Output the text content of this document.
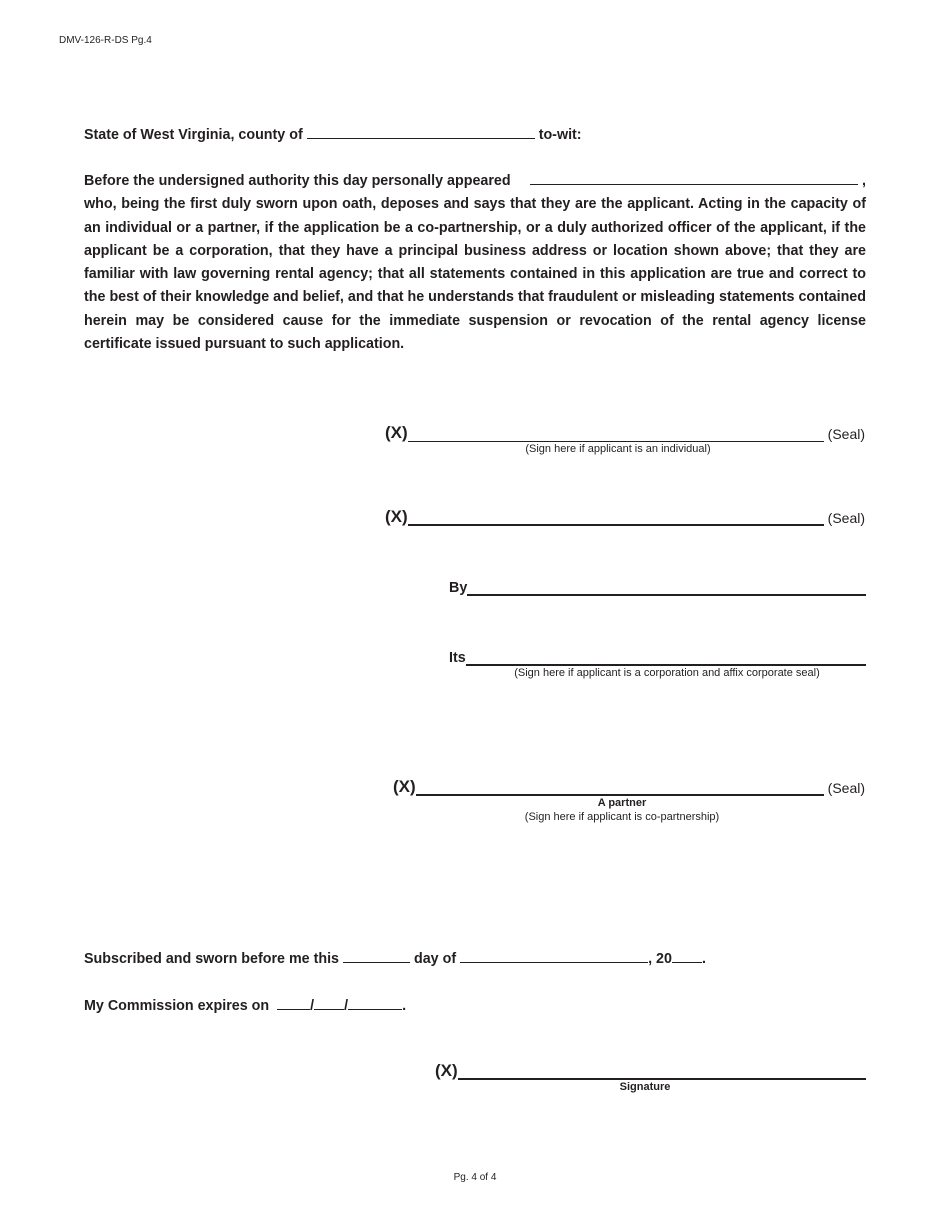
DMV-126-R-DS Pg.4
State of West Virginia, county of	to-wit:
Before the undersigned authority this day personally appeared	,
who, being the first duly sworn upon oath, deposes and says that they are the applicant. Acting in the capacity of an individual or a partner, if the application be a co-partnership, or a duly authorized officer of the applicant, if the applicant be a corporation, that they have a principal business address or location shown above; that they are familiar with law governing rental agency; that all statements contained in this application are true and correct to the best of their knowledge and belief, and that he understands that fraudulent or misleading statements contained herein may be considered cause for the immediate suspension or revocation of the rental agency license certificate issued pursuant to such application.
(X)	(Seal)
(Sign here if applicant is an individual)
(X)	(Seal)
By
Its
(Sign here if applicant is a corporation and affix corporate seal)
(X)	(Seal)
A partner
(Sign here if applicant is co-partnership)
Subscribed and sworn before me this	day of	, 20 .
My Commission expires on	/ /	.
(X)
Signature
Pg. 4 of 4
